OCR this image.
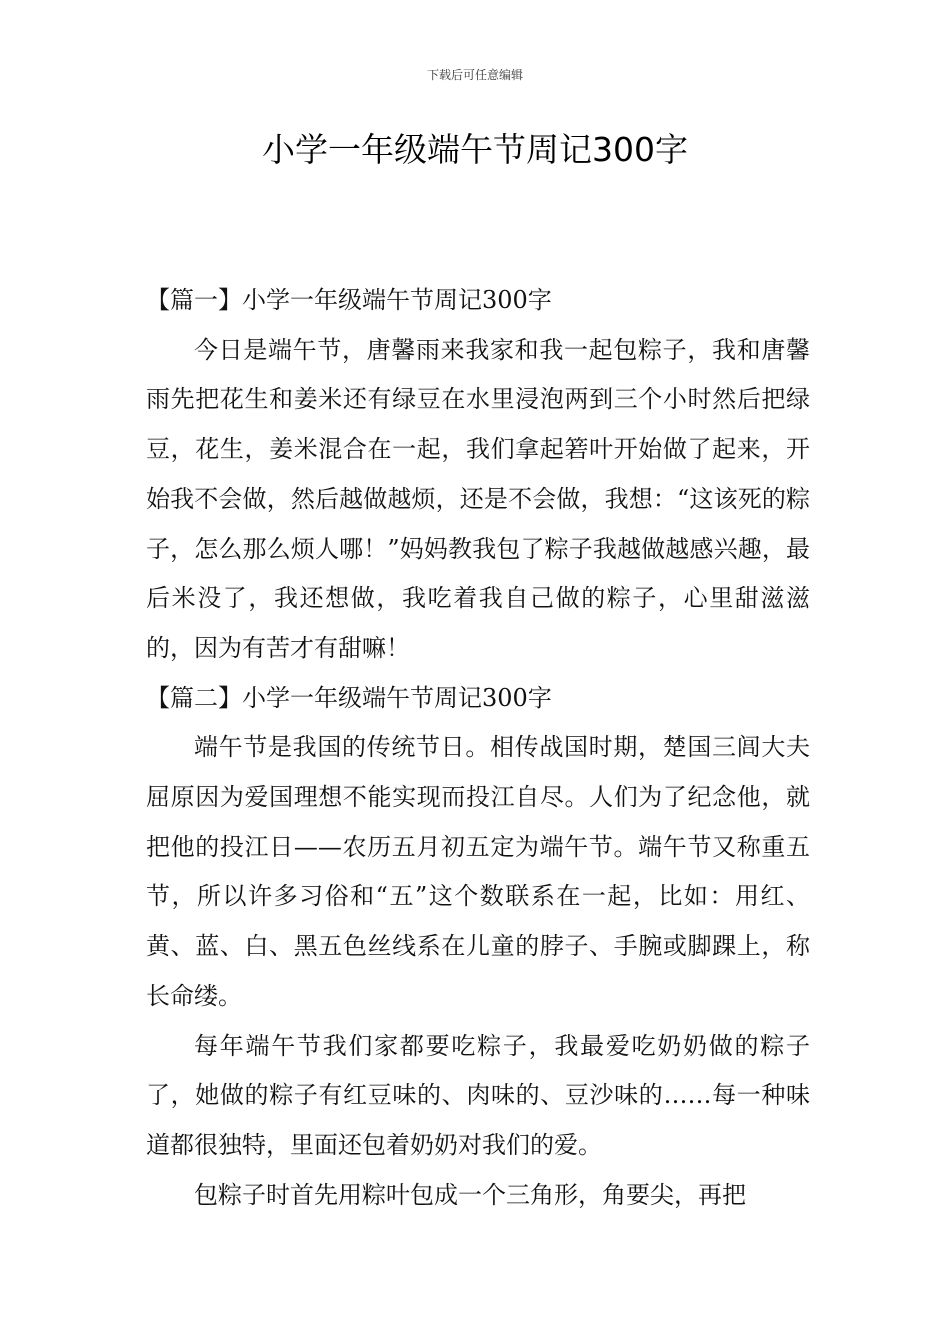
下载后可任意编辑
小学一年级端午节周记300字
【篇一】小学一年级端午节周记300字

今日是端午节，唐馨雨来我家和我一起包粽子，我和唐馨雨先把花生和姜米还有绿豆在水里浸泡两到三个小时然后把绿豆，花生，姜米混合在一起，我们拿起箬叶开始做了起来，开始我不会做，然后越做越烦，还是不会做，我想：“这该死的粽子，怎么那么烦人哪！”妈妈教我包了粽子我越做越感兴趣，最后米没了，我还想做，我吃着我自己做的粽子，心里甜滋滋的，因为有苦才有甜嘛！

【篇二】小学一年级端午节周记300字

端午节是我国的传统节日。相传战国时期，楚国三闾大夫屈原因为爱国理想不能实现而投江自尽。人们为了纪念他，就把他的投江日——农历五月初五定为端午节。端午节又称重五节，所以许多习俗和“五”这个数联系在一起，比如：用红、黄、蓝、白、黑五色丝线系在儿童的脖子、手腕或脚踝上，称长命缕。

每年端午节我们家都要吃粽子，我最爱吃奶奶做的粽子了，她做的粽子有红豆味的、肉味的、豆沙味的……每一种味道都很独特，里面还包着奶奶对我们的爱。

包粽子时首先用粽叶包成一个三角形，角要尖，再把
